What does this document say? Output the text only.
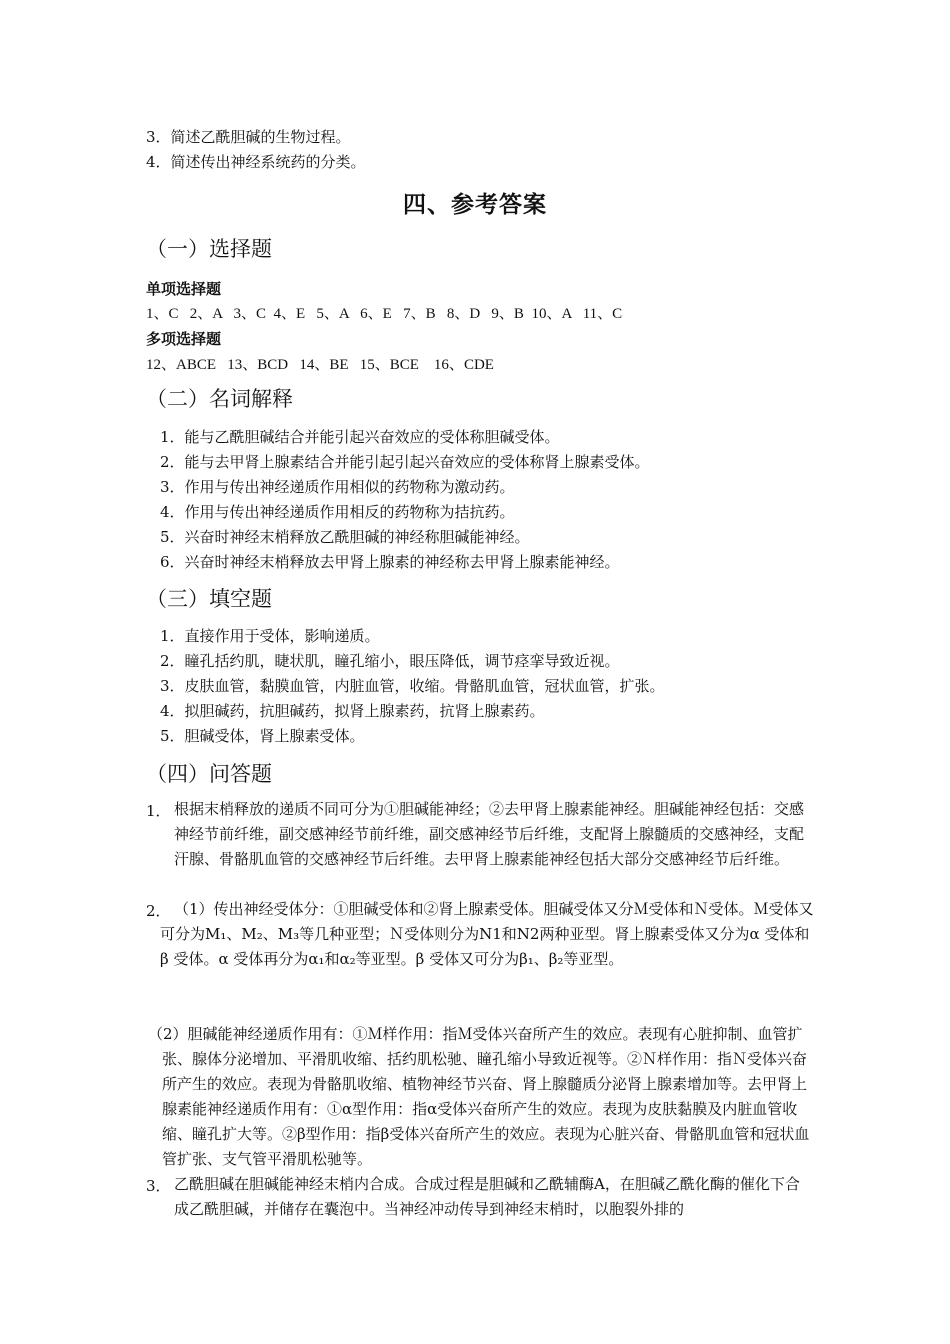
3．简述乙酰胆碱的生物过程。
4．简述传出神经系统药的分类。
四、参考答案
（一）选择题
单项选择题
1、C   2、A   3、C  4、E   5、A   6、E   7、B   8、D   9、B  10、A   11、C
多项选择题
12、ABCE   13、BCD   14、BE   15、BCE    16、CDE
（二）名词解释
1．能与乙酰胆碱结合并能引起兴奋效应的受体称胆碱受体。
2．能与去甲肾上腺素结合并能引起引起兴奋效应的受体称肾上腺素受体。
3．作用与传出神经递质作用相似的药物称为激动药。
4．作用与传出神经递质作用相反的药物称为拮抗药。
5．兴奋时神经末梢释放乙酰胆碱的神经称胆碱能神经。
6．兴奋时神经末梢释放去甲肾上腺素的神经称去甲肾上腺素能神经。
（三）填空题
1．直接作用于受体，影响递质。
2．瞳孔括约肌，睫状肌，瞳孔缩小，眼压降低，调节痉挛导致近视。
3．皮肤血管，黏膜血管，内脏血管，收缩。骨骼肌血管，冠状血管，扩张。
4．拟胆碱药，抗胆碱药，拟肾上腺素药，抗肾上腺素药。
5．胆碱受体，肾上腺素受体。
（四）问答题
1． 根据末梢释放的递质不同可分为①胆碱能神经；②去甲肾上腺素能神经。胆碱能神经包括：交感神经节前纤维，副交感神经节前纤维，副交感神经节后纤维，支配肾上腺髓质的交感神经，支配汗腺、骨骼肌血管的交感神经节后纤维。去甲肾上腺素能神经包括大部分交感神经节后纤维。
2． （1）传出神经受体分：①胆碱受体和②肾上腺素受体。胆碱受体又分Ｍ受体和Ｎ受体。Ｍ受体又可分为M₁、M₂、M₃等几种亚型；Ｎ受体则分为N1和N2两种亚型。肾上腺素受体又分为α 受体和 β 受体。α 受体再分为α₁和α₂等亚型。β 受体又可分为β₁、β₂等亚型。
（2）胆碱能神经递质作用有：①Ｍ样作用：指Ｍ受体兴奋所产生的效应。表现有心脏抑制、血管扩张、腺体分泌增加、平滑肌收缩、括约肌松驰、瞳孔缩小导致近视等。②Ｎ样作用：指Ｎ受体兴奋所产生的效应。表现为骨骼肌收缩、植物神经节兴奋、肾上腺髓质分泌肾上腺素增加等。去甲肾上腺素能神经递质作用有：①α型作用：指α受体兴奋所产生的效应。表现为皮肤黏膜及内脏血管收缩、瞳孔扩大等。②β型作用：指β受体兴奋所产生的效应。表现为心脏兴奋、骨骼肌血管和冠状血管扩张、支气管平滑肌松驰等。
3． 乙酰胆碱在胆碱能神经末梢内合成。合成过程是胆碱和乙酰辅酶A，在胆碱乙酰化酶的催化下合成乙酰胆碱，并储存在囊泡中。当神经冲动传导到神经末梢时，以胞裂外排的
